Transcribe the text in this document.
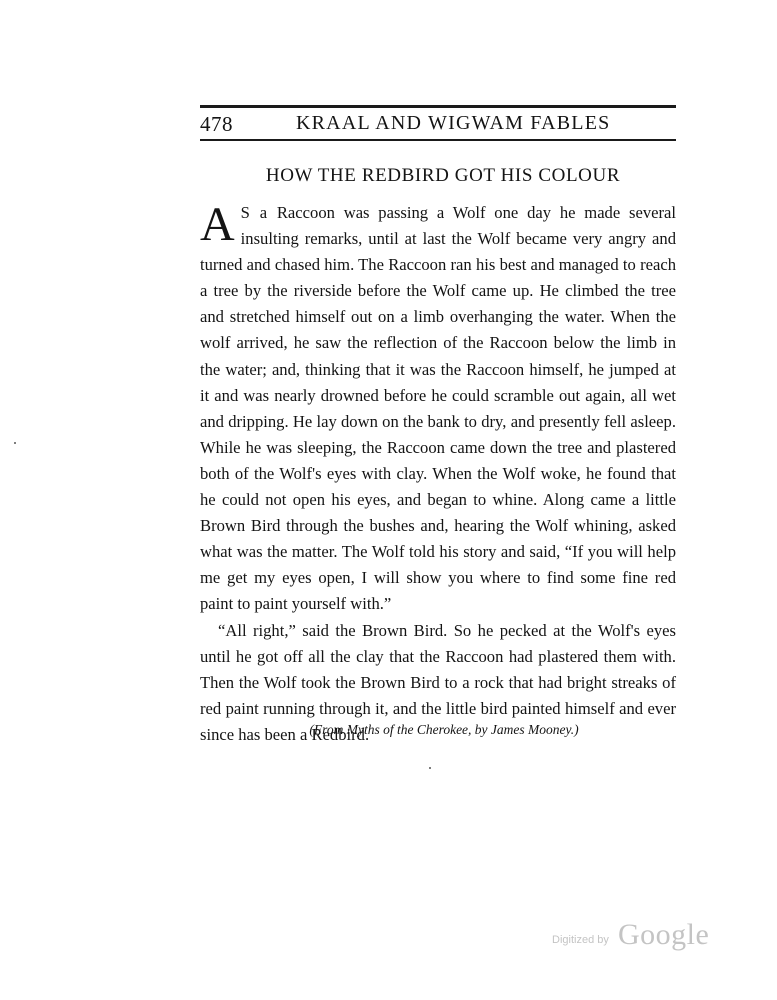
478	KRAAL AND WIGWAM FABLES
HOW THE REDBIRD GOT HIS COLOUR

A S a Raccoon was passing a Wolf one day he made several insulting remarks, until at last the Wolf became very angry and turned and chased him. The Raccoon ran his best and managed to reach a tree by the riverside before the Wolf came up. He climbed the tree and stretched himself out on a limb overhanging the water. When the wolf arrived, he saw the reflection of the Raccoon below the limb in the water; and, thinking that it was the Raccoon himself, he jumped at it and was nearly drowned before he could scramble out again, all wet and dripping. He lay down on the bank to dry, and presently fell asleep. While he was sleeping, the Raccoon came down the tree and plastered both of the Wolf's eyes with clay. When the Wolf woke, he found that he could not open his eyes, and began to whine. Along came a little Brown Bird through the bushes and, hearing the Wolf whining, asked what was the matter. The Wolf told his story and said, “If you will help me get my eyes open, I will show you where to find some fine red paint to paint yourself with.”

“All right,” said the Brown Bird. So he pecked at the Wolf's eyes until he got off all the clay that the Raccoon had plastered them with. Then the Wolf took the Brown Bird to a rock that had bright streaks of red paint running through it, and the little bird painted himself and ever since has been a Redbird.

(From Myths of the Cherokee, by James Mooney.)
Digitized by Google
